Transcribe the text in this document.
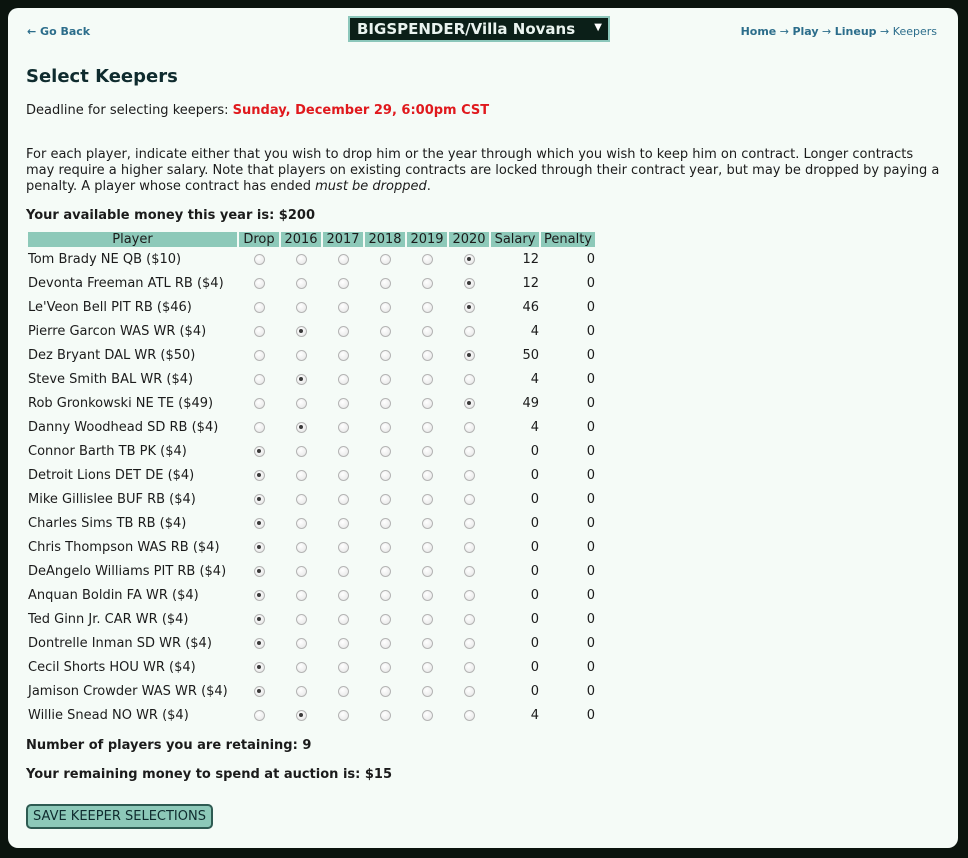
← Go Back	BIGSPENDER/Villa Novans ▼	Home → Play → Lineup → Keepers
Select Keepers
Deadline for selecting keepers: Sunday, December 29, 6:00pm CST
For each player, indicate either that you wish to drop him or the year through which you wish to keep him on contract. Longer contracts may require a higher salary. Note that players on existing contracts are locked through their contract year, but may be dropped by paying a penalty. A player whose contract has ended must be dropped.
Your available money this year is: $200
Player	Drop	2016	2017	2018	2019	2020	Salary	Penalty
Tom Brady NE QB ($10)							12	0
Devonta Freeman ATL RB ($4)							12	0
Le'Veon Bell PIT RB ($46)							46	0
Pierre Garcon WAS WR ($4)							4	0
Dez Bryant DAL WR ($50)							50	0
Steve Smith BAL WR ($4)							4	0
Rob Gronkowski NE TE ($49)							49	0
Danny Woodhead SD RB ($4)							4	0
Connor Barth TB PK ($4)							0	0
Detroit Lions DET DE ($4)							0	0
Mike Gillislee BUF RB ($4)							0	0
Charles Sims TB RB ($4)							0	0
Chris Thompson WAS RB ($4)							0	0
DeAngelo Williams PIT RB ($4)							0	0
Anquan Boldin FA WR ($4)							0	0
Ted Ginn Jr. CAR WR ($4)							0	0
Dontrelle Inman SD WR ($4)							0	0
Cecil Shorts HOU WR ($4)							0	0
Jamison Crowder WAS WR ($4)							0	0
Willie Snead NO WR ($4)							4	0
Number of players you are retaining: 9
Your remaining money to spend at auction is: $15
SAVE KEEPER SELECTIONS
